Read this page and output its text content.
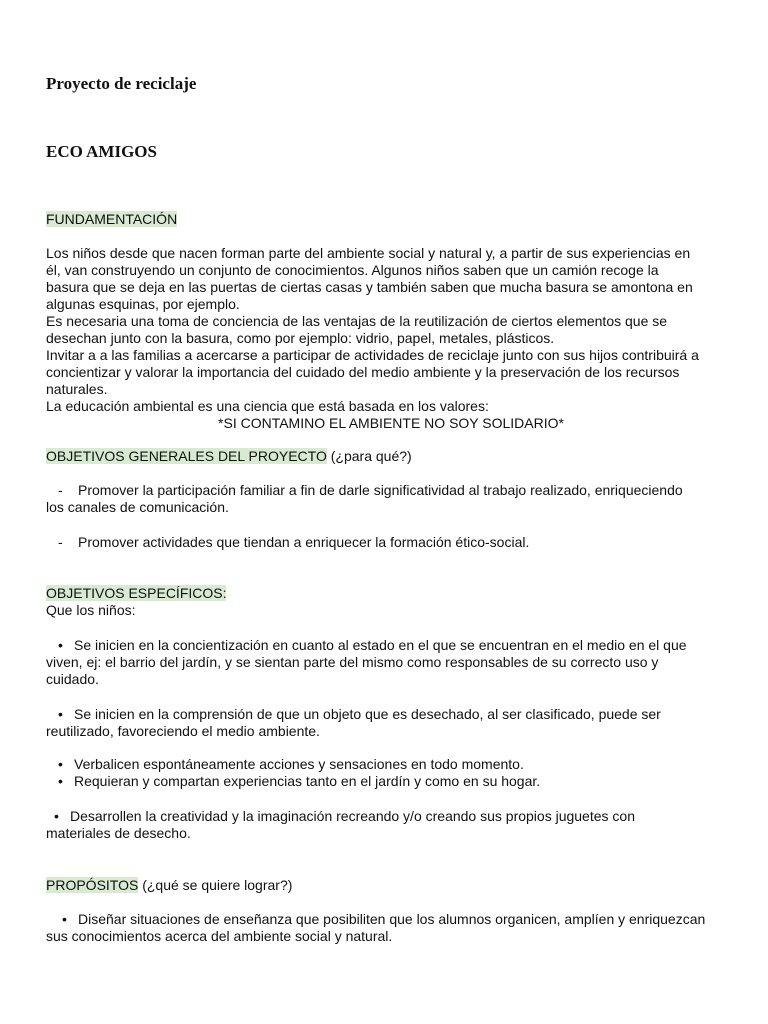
Proyecto de reciclaje
ECO AMIGOS
FUNDAMENTACIÓN
Los niños desde que nacen forman parte del ambiente social y natural y, a partir de sus experiencias en
él, van construyendo un conjunto de conocimientos. Algunos niños saben que un camión recoge la
basura que se deja en las puertas de ciertas casas y también saben que mucha basura se amontona en
algunas esquinas, por ejemplo.
Es necesaria una toma de conciencia de las ventajas de la reutilización de ciertos elementos que se
desechan junto con la basura, como por ejemplo: vidrio, papel, metales, plásticos.
Invitar a a las familias a acercarse a participar de actividades de reciclaje junto con sus hijos contribuirá a
concientizar y valorar la importancia del cuidado del medio ambiente y la preservación de los recursos
naturales.
La educación ambiental es una ciencia que está basada en los valores:
*SI CONTAMINO EL AMBIENTE NO SOY SOLIDARIO*
OBJETIVOS GENERALES DEL PROYECTO (¿para qué?)
- Promover la participación familiar a fin de darle significatividad al trabajo realizado, enriqueciendo
los canales de comunicación.
- Promover actividades que tiendan a enriquecer la formación ético-social.
OBJETIVOS ESPECÍFICOS:
Que los niños:
• Se inicien en la concientización en cuanto al estado en el que se encuentran en el medio en el que
viven, ej: el barrio del jardín, y se sientan parte del mismo como responsables de su correcto uso y
cuidado.
• Se inicien en la comprensión de que un objeto que es desechado, al ser clasificado, puede ser
reutilizado, favoreciendo el medio ambiente.
• Verbalicen espontáneamente acciones y sensaciones en todo momento.
• Requieran y compartan experiencias tanto en el jardín y como en su hogar.
• Desarrollen la creatividad y la imaginación recreando y/o creando sus propios juguetes con
materiales de desecho.
PROPÓSITOS (¿qué se quiere lograr?)
• Diseñar situaciones de enseñanza que posibiliten que los alumnos organicen, amplíen y enriquezcan
sus conocimientos acerca del ambiente social y natural.
